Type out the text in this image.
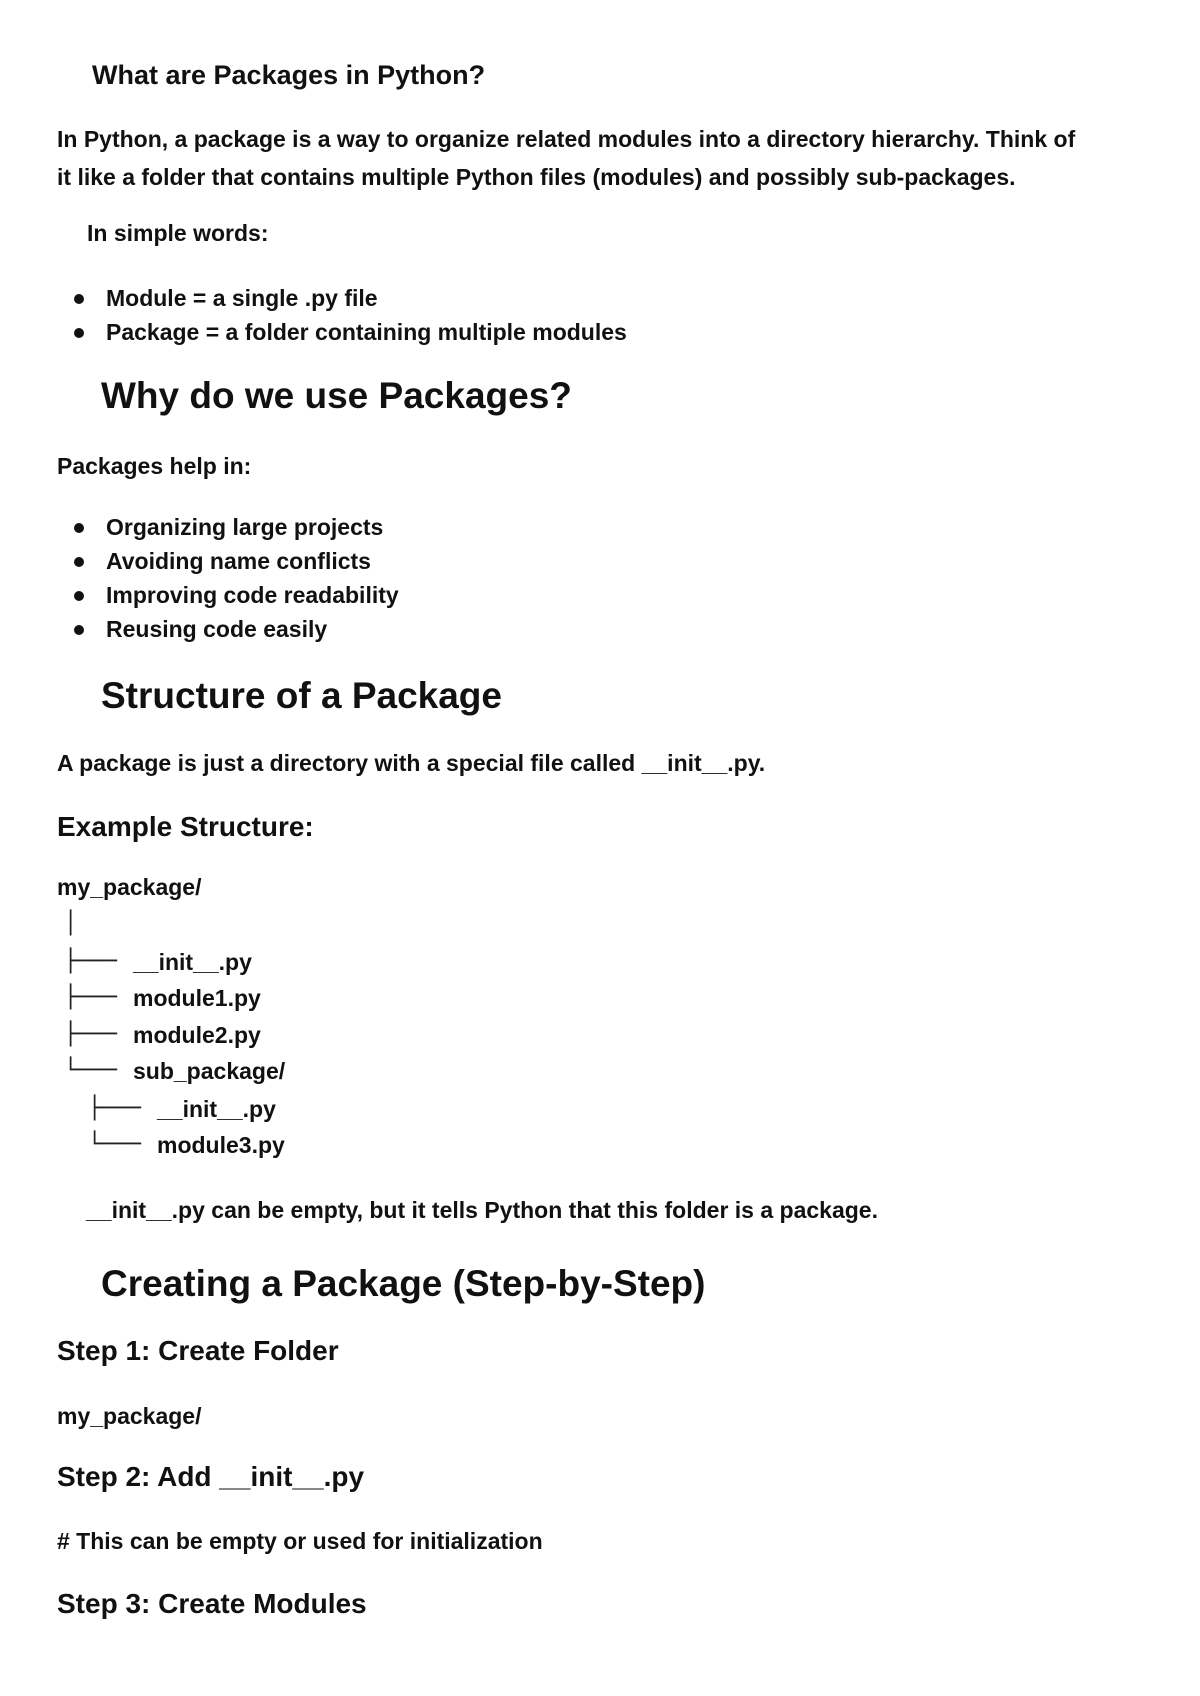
What are Packages in Python?

In Python, a package is a way to organize related modules into a directory hierarchy. Think of
it like a folder that contains multiple Python files (modules) and possibly sub-packages.

In simple words:
Module = a single .py file
Package = a folder containing multiple modules
Why do we use Packages?
Packages help in:
Organizing large projects
Avoiding name conflicts
Improving code readability
Reusing code easily
Structure of a Package
A package is just a directory with a special file called __init__.py.
Example Structure:
my_package/
│
├─── __init__.py
├─── module1.py
├─── module2.py
└─── sub_package/
├─── __init__.py
└─── module3.py
__init__.py can be empty, but it tells Python that this folder is a package.
Creating a Package (Step-by-Step)
Step 1: Create Folder
my_package/
Step 2: Add __init__.py
# This can be empty or used for initialization
Step 3: Create Modules
